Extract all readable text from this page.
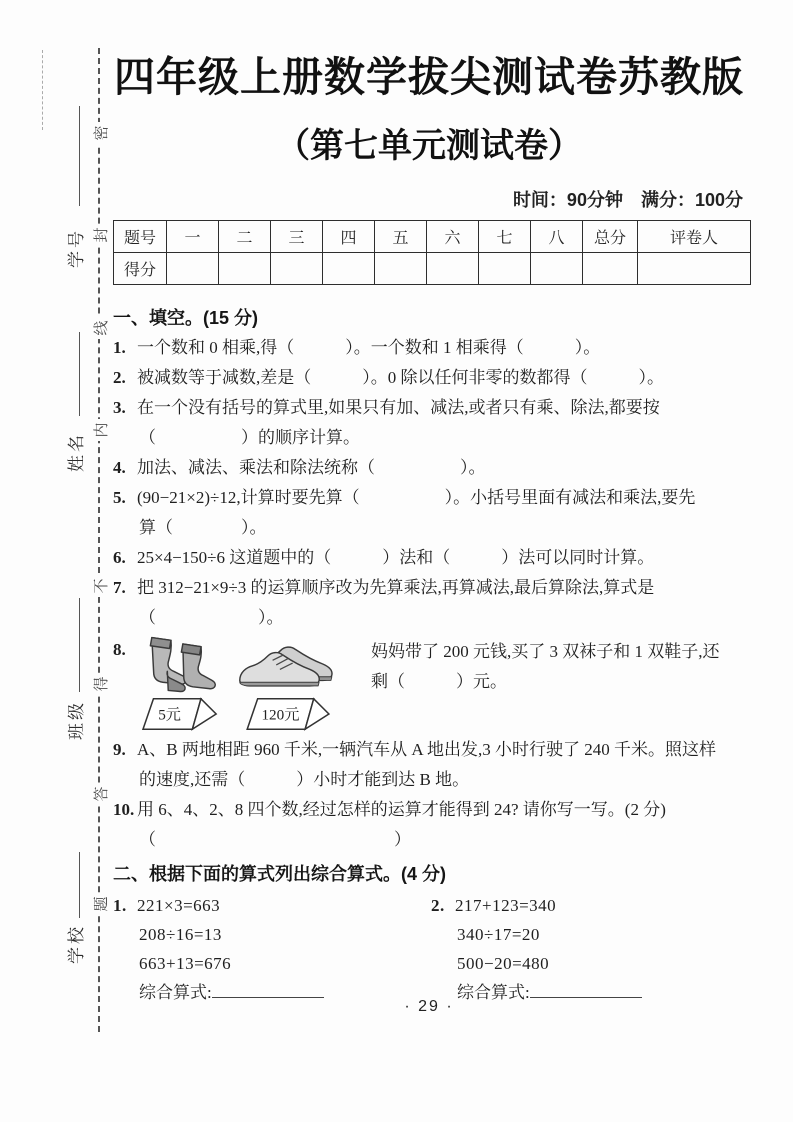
密
封
线
内
不
得
答
题
学号
姓名
班级
学校
四年级上册数学拔尖测试卷苏教版
（第七单元测试卷）
时间：90分钟　满分：100分
题号	一	二	三	四	五	六	七	八	总分	评卷人
得分										
一、填空。(15 分)
1. 一个数和 0 相乘,得（　　　）。一个数和 1 相乘得（　　　）。
2. 被减数等于减数,差是（　　　）。0 除以任何非零的数都得（　　　）。
3. 在一个没有括号的算式里,如果只有加、减法,或者只有乘、除法,都要按
（　　　　　）的顺序计算。
4. 加法、减法、乘法和除法统称（　　　　　）。
5. (90−21×2)÷12,计算时要先算（　　　　　）。小括号里面有减法和乘法,要先
算（　　　　）。
6. 25×4−150÷6 这道题中的（　　　）法和（　　　）法可以同时计算。
7. 把 312−21×9÷3 的运算顺序改为先算乘法,再算减法,最后算除法,算式是
（　　　　　　）。
8.
5元	120元
妈妈带了 200 元钱,买了 3 双袜子和 1 双鞋子,还
剩（　　　）元。
9. A、B 两地相距 960 千米,一辆汽车从 A 地出发,3 小时行驶了 240 千米。照这样
的速度,还需（　　　）小时才能到达 B 地。
10. 用 6、4、2、8 四个数,经过怎样的运算才能得到 24? 请你写一写。(2 分)
（　　　　　　　　　　　　　　）
二、根据下面的算式列出综合算式。(4 分)
1. 221×3=663
208÷16=13
663+13=676
综合算式:
2. 217+123=340
340÷17=20
500−20=480
综合算式:
· 29 ·
